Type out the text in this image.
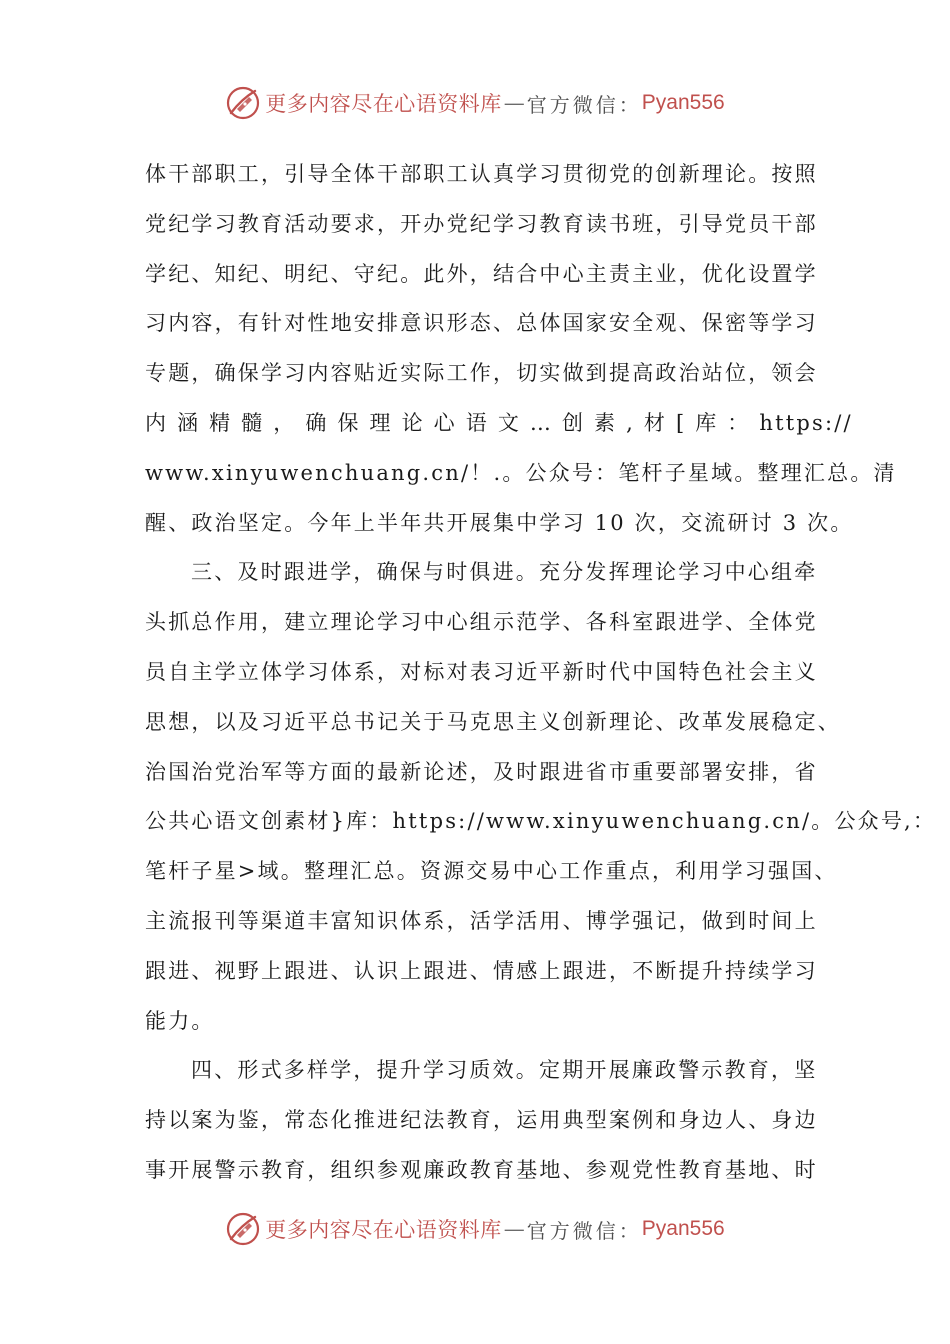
更多内容尽在心语资料库 — 官方微信： Pyan556

体干部职工，引导全体干部职工认真学习贯彻党的创新理论。按照
党纪学习教育活动要求，开办党纪学习教育读书班，引导党员干部
学纪、知纪、明纪、守纪。此外，结合中心主责主业，优化设置学
习内容，有针对性地安排意识形态、总体国家安全观、保密等学习
专题，确保学习内容贴近实际工作，切实做到提高政治站位，领会
内 涵 精 髓 ， 确 保 理 论 心 语 文 … 创 素 , 材 [ 库 ： https://
www.xinyuwenchuang.cn/！.。公众号：笔杆子星域。整理汇总。清
醒、政治坚定。今年上半年共开展集中学习 10 次，交流研讨 3 次。

三、及时跟进学，确保与时俱进。充分发挥理论学习中心组牵
头抓总作用，建立理论学习中心组示范学、各科室跟进学、全体党
员自主学立体学习体系，对标对表习近平新时代中国特色社会主义
思想，以及习近平总书记关于马克思主义创新理论、改革发展稳定、
治国治党治军等方面的最新论述，及时跟进省市重要部署安排，省
公共心语文创素材}库：https://www.xinyuwenchuang.cn/。公众号,：
笔杆子星>域。整理汇总。资源交易中心工作重点，利用学习强国、
主流报刊等渠道丰富知识体系，活学活用、博学强记，做到时间上
跟进、视野上跟进、认识上跟进、情感上跟进，不断提升持续学习
能力。

四、形式多样学，提升学习质效。定期开展廉政警示教育，坚
持以案为鉴，常态化推进纪法教育，运用典型案例和身边人、身边
事开展警示教育，组织参观廉政教育基地、参观党性教育基地、时

更多内容尽在心语资料库 — 官方微信： Pyan556
